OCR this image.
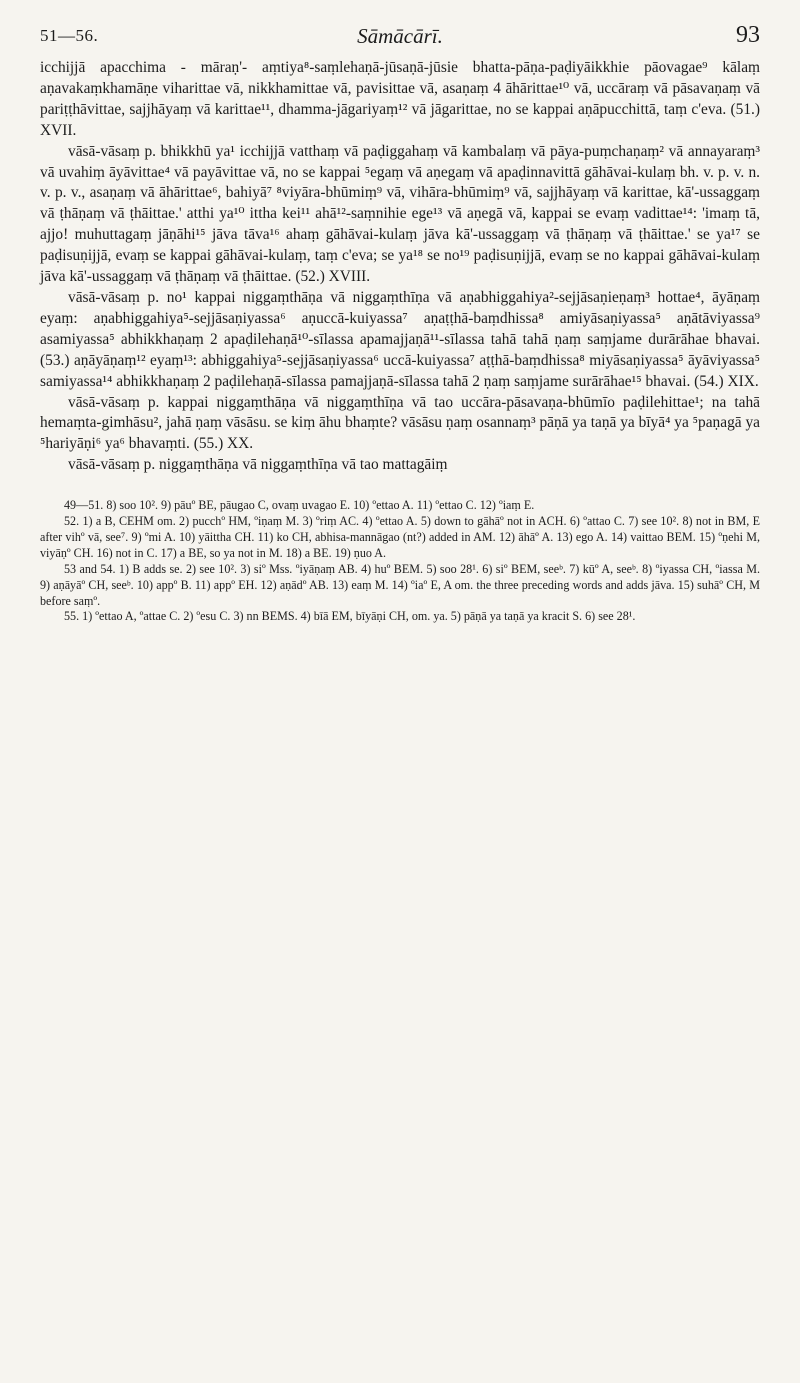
51—56.	Sāmācārī.	93

icchijjā apacchima - māraṇ'- aṃtiya⁸-saṃlehaṇā-jūsaṇā-jūsie bhatta-pāṇa-paḍiyāikkhie pāovagae⁹ kālaṃ aṇavakaṃkhamāṇe viharittae vā, nikkhamittae vā, pavisittae vā, asaṇaṃ 4 āhārittae¹⁰ vā, uccāraṃ vā pāsavaṇaṃ vā pariṭṭhāvittae, sajjhāyaṃ vā karittae¹¹, dhamma-jāgariyaṃ¹² vā jāgarittae, no se kappai aṇāpucchittā, taṃ c'eva. (51.) XVII.

vāsā-vāsaṃ p. bhikkhū ya¹ icchijjā vatthaṃ vā paḍiggahaṃ vā kambalaṃ vā pāya-puṃchaṇaṃ² vā annayaraṃ³ vā uvahiṃ āyāvittae⁴ vā payāvittae vā, no se kappai ⁵egaṃ vā aṇegaṃ vā apaḍinnavittā gāhāvai-kulaṃ bh. v. p. v. n. v. p. v., asaṇaṃ vā āhārittae⁶, bahiyā⁷ ⁸viyāra-bhūmiṃ⁹ vā, vihāra-bhūmiṃ⁹ vā, sajjhāyaṃ vā karittae, kā'-ussaggaṃ vā ṭhāṇaṃ vā ṭhāittae.' atthi ya¹⁰ ittha kei¹¹ ahā¹²-saṃnihie ege¹³ vā aṇegā vā, kappai se evaṃ vadittae¹⁴: 'imaṃ tā, ajjo! muhuttagaṃ jāṇāhi¹⁵ jāva tāva¹⁶ ahaṃ gāhāvai-kulaṃ jāva kā'-ussaggaṃ vā ṭhāṇaṃ vā ṭhāittae.' se ya¹⁷ se paḍisuṇijjā, evaṃ se kappai gāhāvai-kulaṃ, taṃ c'eva; se ya¹⁸ se no¹⁹ paḍisuṇijjā, evaṃ se no kappai gāhāvai-kulaṃ jāva kā'-ussaggaṃ vā ṭhāṇaṃ vā ṭhāittae. (52.) XVIII.

vāsā-vāsaṃ p. no¹ kappai niggaṃthāṇa vā niggaṃthīṇa vā aṇabhiggahiya²-sejjāsaṇieṇaṃ³ hottae⁴, āyāṇaṃ eyaṃ: aṇabhiggahiya⁵-sejjāsaṇiyassa⁶ aṇuccā-kuiyassa⁷ aṇaṭṭhā-baṃdhissa⁸ amiyāsaṇiyassa⁵ aṇātāviyassa⁹ asamiyassa⁵ abhikkhaṇaṃ 2 apaḍilehaṇā¹⁰-sīlassa apamajjaṇā¹¹-sīlassa tahā tahā ṇaṃ saṃjame durārāhae bhavai. (53.) aṇāyāṇaṃ¹² eyaṃ¹³: abhiggahiya⁵-sejjāsaṇiyassa⁶ uccā-kuiyassa⁷ aṭṭhā-baṃdhissa⁸ miyāsaṇiyassa⁵ āyāviyassa⁵ samiyassa¹⁴ abhikkhaṇaṃ 2 paḍilehaṇā-sīlassa pamajjaṇā-sīlassa tahā 2 ṇaṃ saṃjame surārāhae¹⁵ bhavai. (54.) XIX.

vāsā-vāsaṃ p. kappai niggaṃthāṇa vā niggaṃthīṇa vā tao uccāra-pāsavaṇa-bhūmīo paḍilehittae¹; na tahā hemaṃta-gimhāsu², jahā ṇaṃ vāsāsu. se kiṃ āhu bhaṃte? vāsāsu ṇaṃ osannaṃ³ pāṇā ya taṇā ya bīyā⁴ ya ⁵paṇagā ya ⁵hariyāṇi⁶ ya⁶ bhavaṃti. (55.) XX.

vāsā-vāsaṃ p. niggaṃthāṇa vā niggaṃthīṇa vā tao mattagāiṃ

49—51. 8) soo 10². 9) pāuº BE, pāugao C, ovaṃ uvagao E. 10) ºettao A. 11) ºettao C. 12) ºiaṃ E.

52. 1) a B, CEHM om. 2) pucchº HM, ºiṇaṃ M. 3) ºriṃ AC. 4) ºettao A. 5) down to gāhāº not in ACH. 6) ºattao C. 7) see 10². 8) not in BM, E after vihº vā, see⁷. 9) ºmi A. 10) yāittha CH. 11) ko CH, abhisa-mannāgao (nt?) added in AM. 12) āhāº A. 13) ego A. 14) vaittao BEM. 15) ºṇehi M, viyāṇº CH. 16) not in C. 17) a BE, so ya not in M. 18) a BE. 19) ṇuo A.

53 and 54. 1) B adds se. 2) see 10². 3) siº Mss. ºiyāṇaṃ AB. 4) huº BEM. 5) soo 28¹. 6) siº BEM, seeᵇ. 7) kūº A, seeᵇ. 8) ºiyassa CH, ºiassa M. 9) aṇāyāº CH, seeᵇ. 10) appº B. 11) appº EH. 12) aṇādº AB. 13) eaṃ M. 14) ºiaº E, A om. the three preceding words and adds jāva. 15) suhāº CH, M before saṃº.

55. 1) ºettao A, ºattae C. 2) ºesu C. 3) nn BEMS. 4) bīā EM, bīyāṇi CH, om. ya. 5) pāṇā ya taṇā ya kracit S. 6) see 28¹.
